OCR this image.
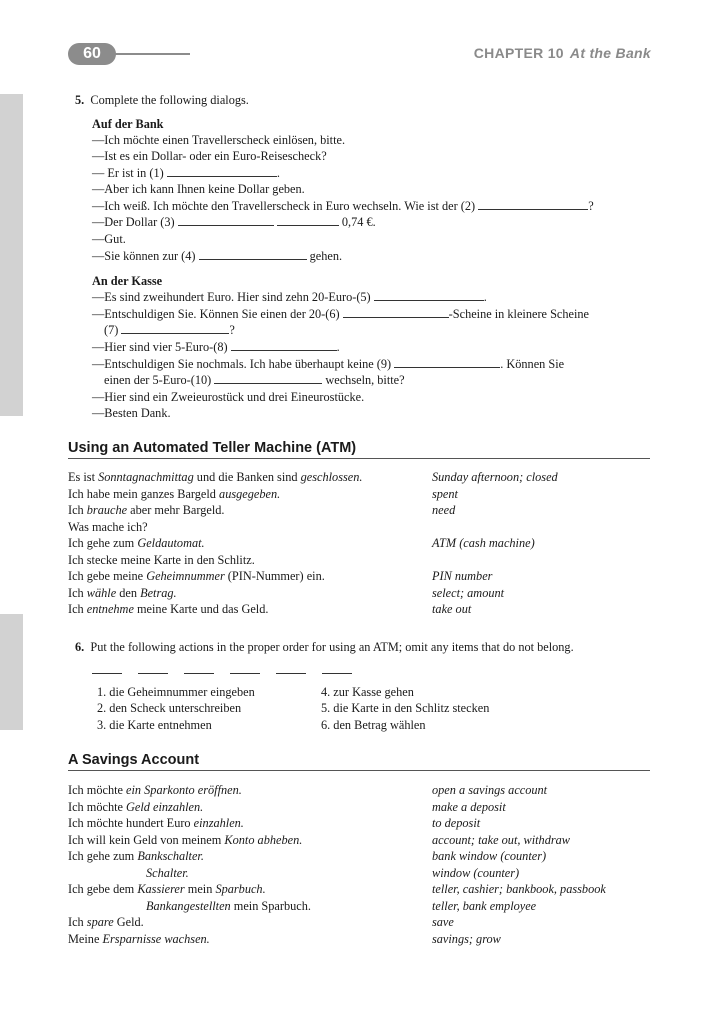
60	CHAPTER 10 At the Bank
5. Complete the following dialogs.
Auf der Bank
—Ich möchte einen Travellerscheck einlösen, bitte.
—Ist es ein Dollar- oder ein Euro-Reisescheck?
— Er ist in (1)	.
—Aber ich kann Ihnen keine Dollar geben.
—Ich weiß. Ich möchte den Travellerscheck in Euro wechseln. Wie ist der (2)	?
—Der Dollar (3)	0,74 €.
—Gut.
—Sie können zur (4)	gehen.
An der Kasse
—Es sind zweihundert Euro. Hier sind zehn 20-Euro-(5)	.
—Entschuldigen Sie. Können Sie einen der 20-(6)	-Scheine in kleinere Scheine
(7)	?
—Hier sind vier 5-Euro-(8)	.
—Entschuldigen Sie nochmals. Ich habe überhaupt keine (9)	. Können Sie
einen der 5-Euro-(10)	wechseln, bitte?
—Hier sind ein Zweieurostück und drei Eineurostücke.
—Besten Dank.
Using an Automated Teller Machine (ATM)
Es ist Sonntagnachmittag und die Banken sind geschlossen.	Sunday afternoon; closed
Ich habe mein ganzes Bargeld ausgegeben.	spent
Ich brauche aber mehr Bargeld.	need
Was mache ich?
Ich gehe zum Geldautomat.	ATM (cash machine)
Ich stecke meine Karte in den Schlitz.
Ich gebe meine Geheimnummer (PIN-Nummer) ein.	PIN number
Ich wähle den Betrag.	select; amount
Ich entnehme meine Karte und das Geld.	take out
6. Put the following actions in the proper order for using an ATM; omit any items that do not belong.
1. die Geheimnummer eingeben
2. den Scheck unterschreiben
3. die Karte entnehmen
4. zur Kasse gehen
5. die Karte in den Schlitz stecken
6. den Betrag wählen
A Savings Account
Ich möchte ein Sparkonto eröffnen.	open a savings account
Ich möchte Geld einzahlen.	make a deposit
Ich möchte hundert Euro einzahlen.	to deposit
Ich will kein Geld von meinem Konto abheben.	account; take out, withdraw
Ich gehe zum Bankschalter.	bank window (counter)
Schalter.	window (counter)
Ich gebe dem Kassierer mein Sparbuch.	teller, cashier; bankbook, passbook
Bankangestellten mein Sparbuch.	teller, bank employee
Ich spare Geld.	save
Meine Ersparnisse wachsen.	savings; grow
